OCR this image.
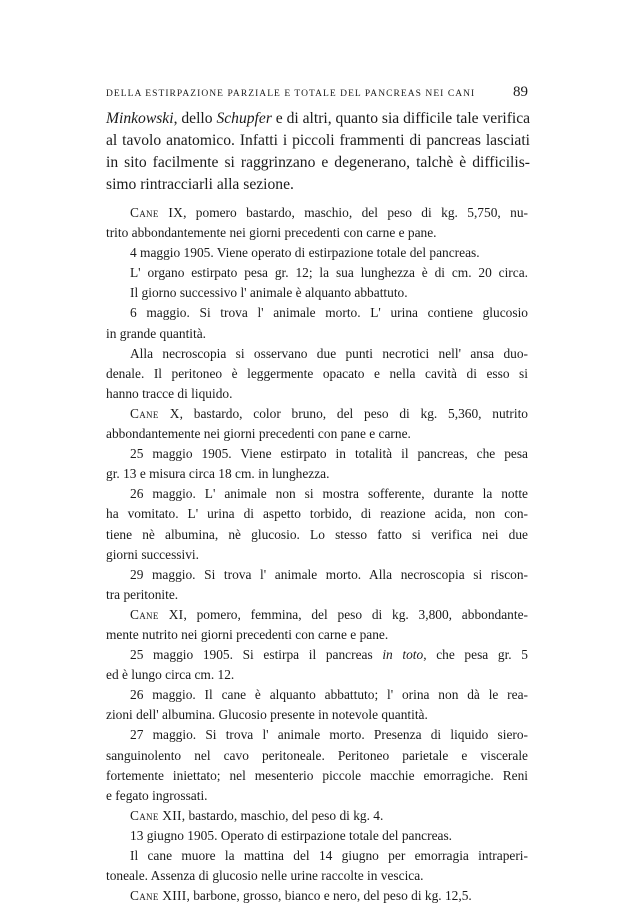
DELLA ESTIRPAZIONE PARZIALE E TOTALE DEL PANCREAS NEI CANI	89
Minkowski, dello Schupfer e di altri, quanto sia difficile tale verifica
al tavolo anatomico. Infatti i piccoli frammenti di pancreas lasciati
in sito facilmente si raggrinzano e degenerano, talchè è difficilis-
simo rintracciarli alla sezione.
Cane IX, pomero bastardo, maschio, del peso di kg. 5,750, nu-
trito abbondantemente nei giorni precedenti con carne e pane.
4 maggio 1905. Viene operato di estirpazione totale del pancreas.
L' organo estirpato pesa gr. 12; la sua lunghezza è di cm. 20 circa.
Il giorno successivo l' animale è alquanto abbattuto.
6 maggio. Si trova l' animale morto. L' urina contiene glucosio
in grande quantità.
Alla necroscopia si osservano due punti necrotici nell' ansa duo-
denale. Il peritoneo è leggermente opacato e nella cavità di esso si
hanno tracce di liquido.
Cane X, bastardo, color bruno, del peso di kg. 5,360, nutrito
abbondantemente nei giorni precedenti con pane e carne.
25 maggio 1905. Viene estirpato in totalità il pancreas, che pesa
gr. 13 e misura circa 18 cm. in lunghezza.
26 maggio. L' animale non si mostra sofferente, durante la notte
ha vomitato. L' urina di aspetto torbido, di reazione acida, non con-
tiene nè albumina, nè glucosio. Lo stesso fatto si verifica nei due
giorni successivi.
29 maggio. Si trova l' animale morto. Alla necroscopia si riscon-
tra peritonite.
Cane XI, pomero, femmina, del peso di kg. 3,800, abbondante-
mente nutrito nei giorni precedenti con carne e pane.
25 maggio 1905. Si estirpa il pancreas in toto, che pesa gr. 5
ed è lungo circa cm. 12.
26 maggio. Il cane è alquanto abbattuto; l' orina non dà le rea-
zioni dell' albumina. Glucosio presente in notevole quantità.
27 maggio. Si trova l' animale morto. Presenza di liquido siero-
sanguinolento nel cavo peritoneale. Peritoneo parietale e viscerale
fortemente iniettato; nel mesenterio piccole macchie emorragiche. Reni
e fegato ingrossati.
Cane XII, bastardo, maschio, del peso di kg. 4.
13 giugno 1905. Operato di estirpazione totale del pancreas.
Il cane muore la mattina del 14 giugno per emorragia intraperi-
toneale. Assenza di glucosio nelle urine raccolte in vescica.
Cane XIII, barbone, grosso, bianco e nero, del peso di kg. 12,5.
